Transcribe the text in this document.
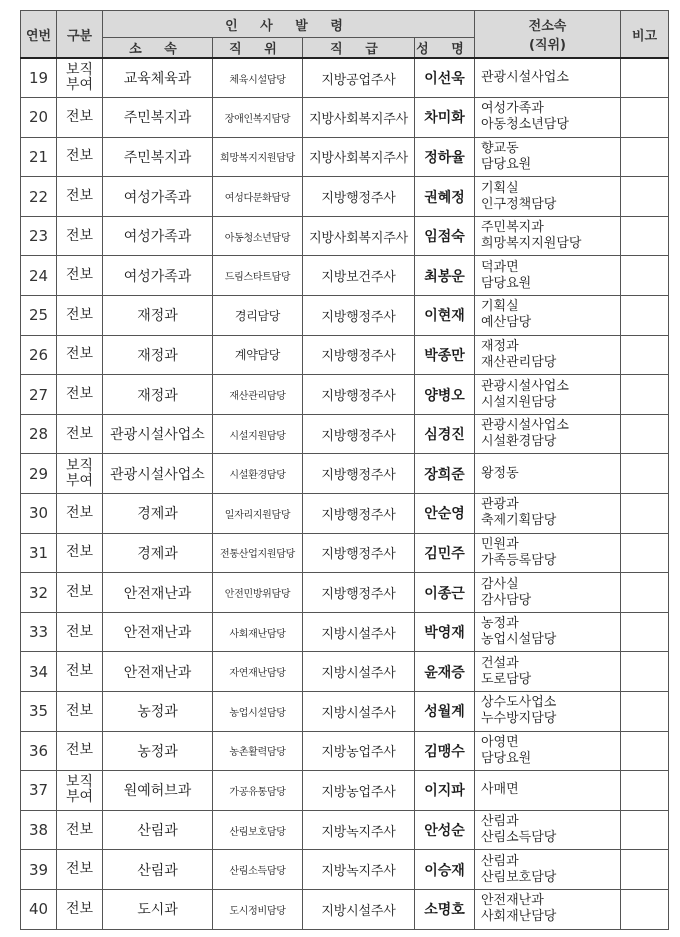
연번	구분	인 사 발 령				전소속
(직위)	비고
		소 속	직 위	직 급	성 명		
19	보직
부여	교육체육과	체육시설담당	지방공업주사	이선욱	관광시설사업소	

20	전보	주민복지과	장애인복지담당	지방사회복지주사	차미화	여성가족과
아동청소년담당	

21	전보	주민복지과	희망복지지원담당	지방사회복지주사	정하율	향교동
담당요원	

22	전보	여성가족과	여성다문화담당	지방행정주사	권혜정	기획실
인구정책담당	

23	전보	여성가족과	아동청소년담당	지방사회복지주사	임점숙	주민복지과
희망복지지원담당	

24	전보	여성가족과	드림스타트담당	지방보건주사	최봉운	덕과면
담당요원	

25	전보	재정과	경리담당	지방행정주사	이현재	기획실
예산담당	

26	전보	재정과	계약담당	지방행정주사	박종만	재정과
재산관리담당	

27	전보	재정과	재산관리담당	지방행정주사	양병오	관광시설사업소
시설지원담당	

28	전보	관광시설사업소	시설지원담당	지방행정주사	심경진	관광시설사업소
시설환경담당	

29	보직
부여	관광시설사업소	시설환경담당	지방행정주사	장희준	왕정동	

30	전보	경제과	일자리지원담당	지방행정주사	안순영	관광과
축제기획담당	

31	전보	경제과	전통산업지원담당	지방행정주사	김민주	민원과
가족등록담당	

32	전보	안전재난과	안전민방위담당	지방행정주사	이종근	감사실
감사담당	

33	전보	안전재난과	사회재난담당	지방시설주사	박영재	농정과
농업시설담당	

34	전보	안전재난과	자연재난담당	지방시설주사	윤재증	건설과
도로담당	

35	전보	농정과	농업시설담당	지방시설주사	성월계	상수도사업소
누수방지담당	

36	전보	농정과	농촌활력담당	지방농업주사	김맹수	아영면
담당요원	

37	보직
부여	원예허브과	가공유통담당	지방농업주사	이지파	사매면	

38	전보	산림과	산림보호담당	지방녹지주사	안성순	산림과
산림소득담당	

39	전보	산림과	산림소득담당	지방녹지주사	이승재	산림과
산림보호담당	

40	전보	도시과	도시정비담당	지방시설주사	소명호	안전재난과
사회재난담당	
